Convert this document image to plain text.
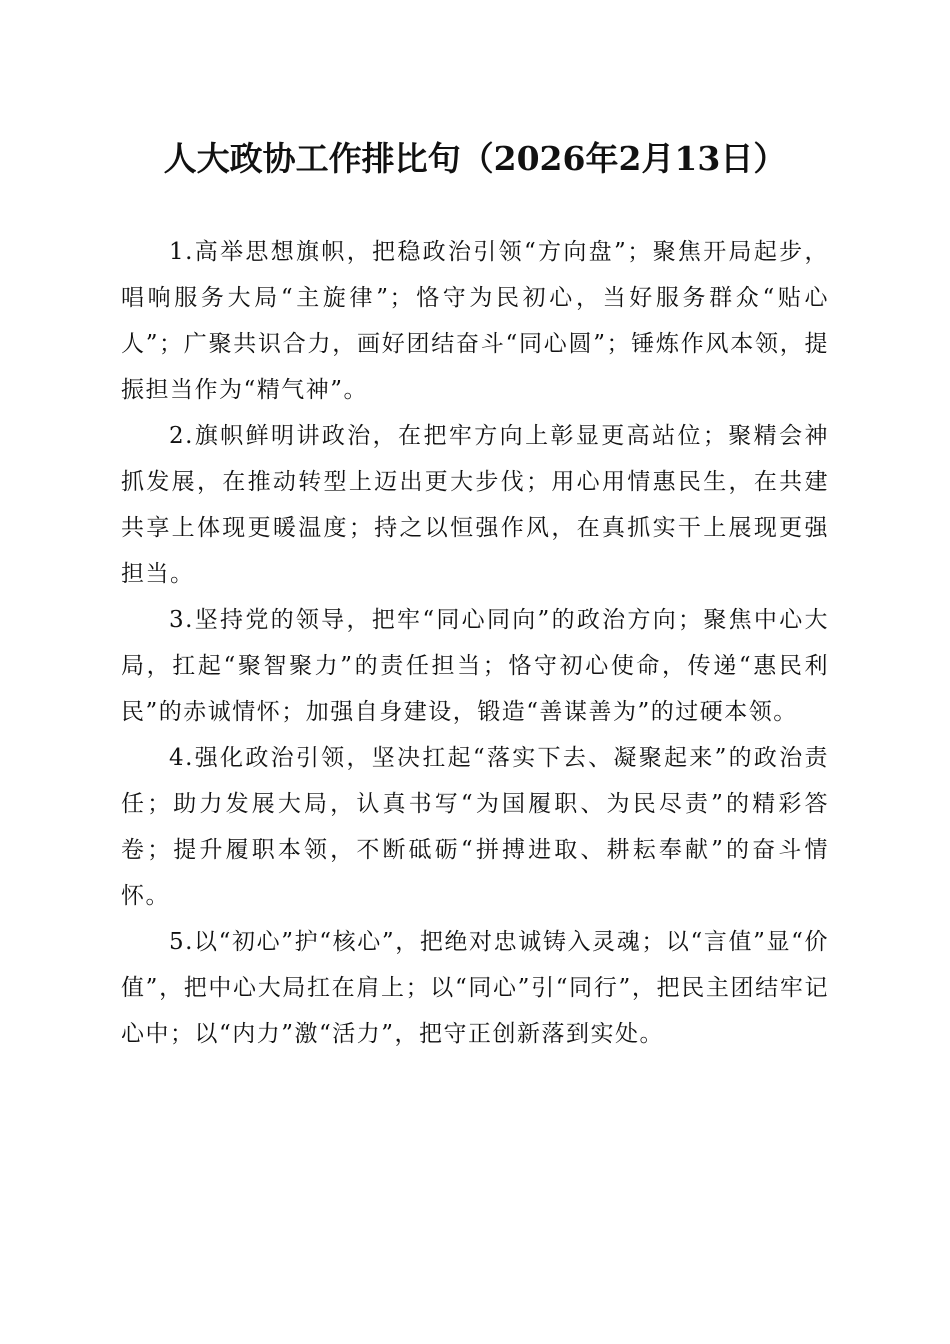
人大政协工作排比句（2026年2月13日）

1.高举思想旗帜，把稳政治引领“方向盘”；聚焦开局起步，唱响服务大局“主旋律”；恪守为民初心，当好服务群众“贴心人”；广聚共识合力，画好团结奋斗“同心圆”；锤炼作风本领，提振担当作为“精气神”。

2.旗帜鲜明讲政治，在把牢方向上彰显更高站位；聚精会神抓发展，在推动转型上迈出更大步伐；用心用情惠民生，在共建共享上体现更暖温度；持之以恒强作风，在真抓实干上展现更强担当。

3.坚持党的领导，把牢“同心同向”的政治方向；聚焦中心大局，扛起“聚智聚力”的责任担当；恪守初心使命，传递“惠民利民”的赤诚情怀；加强自身建设，锻造“善谋善为”的过硬本领。

4.强化政治引领，坚决扛起“落实下去、凝聚起来”的政治责任；助力发展大局，认真书写“为国履职、为民尽责”的精彩答卷；提升履职本领，不断砥砺“拼搏进取、耕耘奉献”的奋斗情怀。

5.以“初心”护“核心”，把绝对忠诚铸入灵魂；以“言值”显“价值”，把中心大局扛在肩上；以“同心”引“同行”，把民主团结牢记心中；以“内力”激“活力”，把守正创新落到实处。
